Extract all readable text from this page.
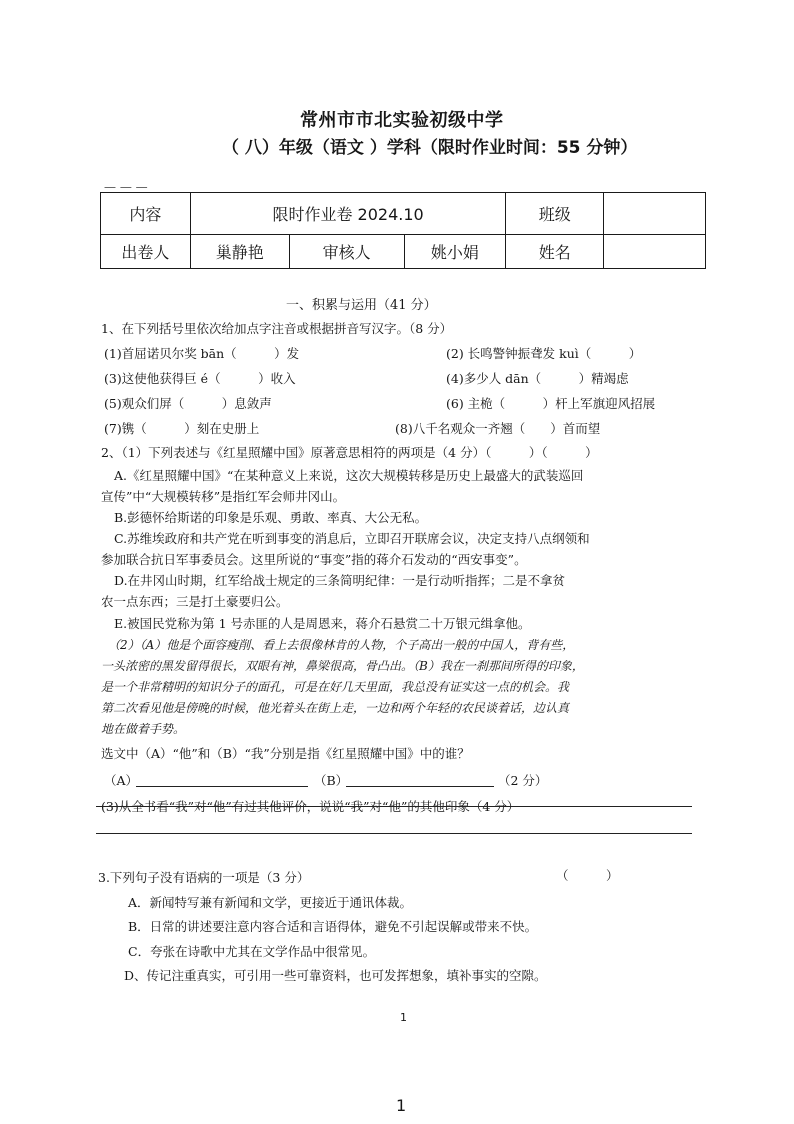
常州市市北实验初级中学
（ 八）年级（语文 ）学科（限时作业时间：55 分钟）
— — —
内容	限时作业卷 2024.10			班级	
出卷人	巢静艳	审核人	姚小娟	姓名	
一、积累与运用（41 分）
1、在下列括号里依次给加点字注音或根据拼音写汉字。（8 分）
(1)首屈诺贝尔奖 bān（　　　）发	(2) 长鸣警钟振聋发 kuì（　　　）
(3)这使他获得巨 é（　　　）收入	(4)多少人 dān（　　　）精竭虑
(5)观众们屏（　　　）息敛声	(6) 主桅（　　　）杆上军旗迎风招展
(7)镌（　　　）刻在史册上	(8)八千名观众一齐翘（　　）首而望
2、（1）下列表述与《红星照耀中国》原著意思相符的两项是（4 分）（　　　）（　　　）
A.《红星照耀中国》“在某种意义上来说，这次大规模转移是历史上最盛大的武装巡回
宣传”中“大规模转移”是指红军会师井冈山。
B.彭德怀给斯诺的印象是乐观、勇敢、率真、大公无私。
C.苏维埃政府和共产党在听到事变的消息后，立即召开联席会议，决定支持八点纲领和
参加联合抗日军事委员会。这里所说的“事变”指的蒋介石发动的“西安事变”。
D.在井冈山时期，红军给战士规定的三条简明纪律：一是行动听指挥；二是不拿贫
农一点东西；三是打土豪要归公。
E.被国民党称为第 1 号赤匪的人是周恩来，蒋介石悬赏二十万银元缉拿他。
（2）（A）他是个面容瘦削、看上去很像林肯的人物，个子高出一般的中国人，背有些，
一头浓密的黑发留得很长，双眼有神，鼻梁很高，骨凸出。（B）我在一刹那间所得的印象，
是一个非常精明的知识分子的面孔，可是在好几天里面，我总没有证实这一点的机会。我
第二次看见他是傍晚的时候，他光着头在街上走，一边和两个年轻的农民谈着话，边认真
地在做着手势。
选文中（A）“他”和（B）“我”分别是指《红星照耀中国》中的谁？
（A）	（B）	（2 分）
(3)从全书看“我”对“他”有过其他评价，说说“我”对“他”的其他印象（4 分）
3.下列句子没有语病的一项是（3 分）	（　　　）
A．新闻特写兼有新闻和文学，更接近于通讯体裁。
B．日常的讲述要注意内容合适和言语得体，避免不引起误解或带来不快。
C．夸张在诗歌中尤其在文学作品中很常见。
D、传记注重真实，可引用一些可靠资料，也可发挥想象，填补事实的空隙。
1
1
